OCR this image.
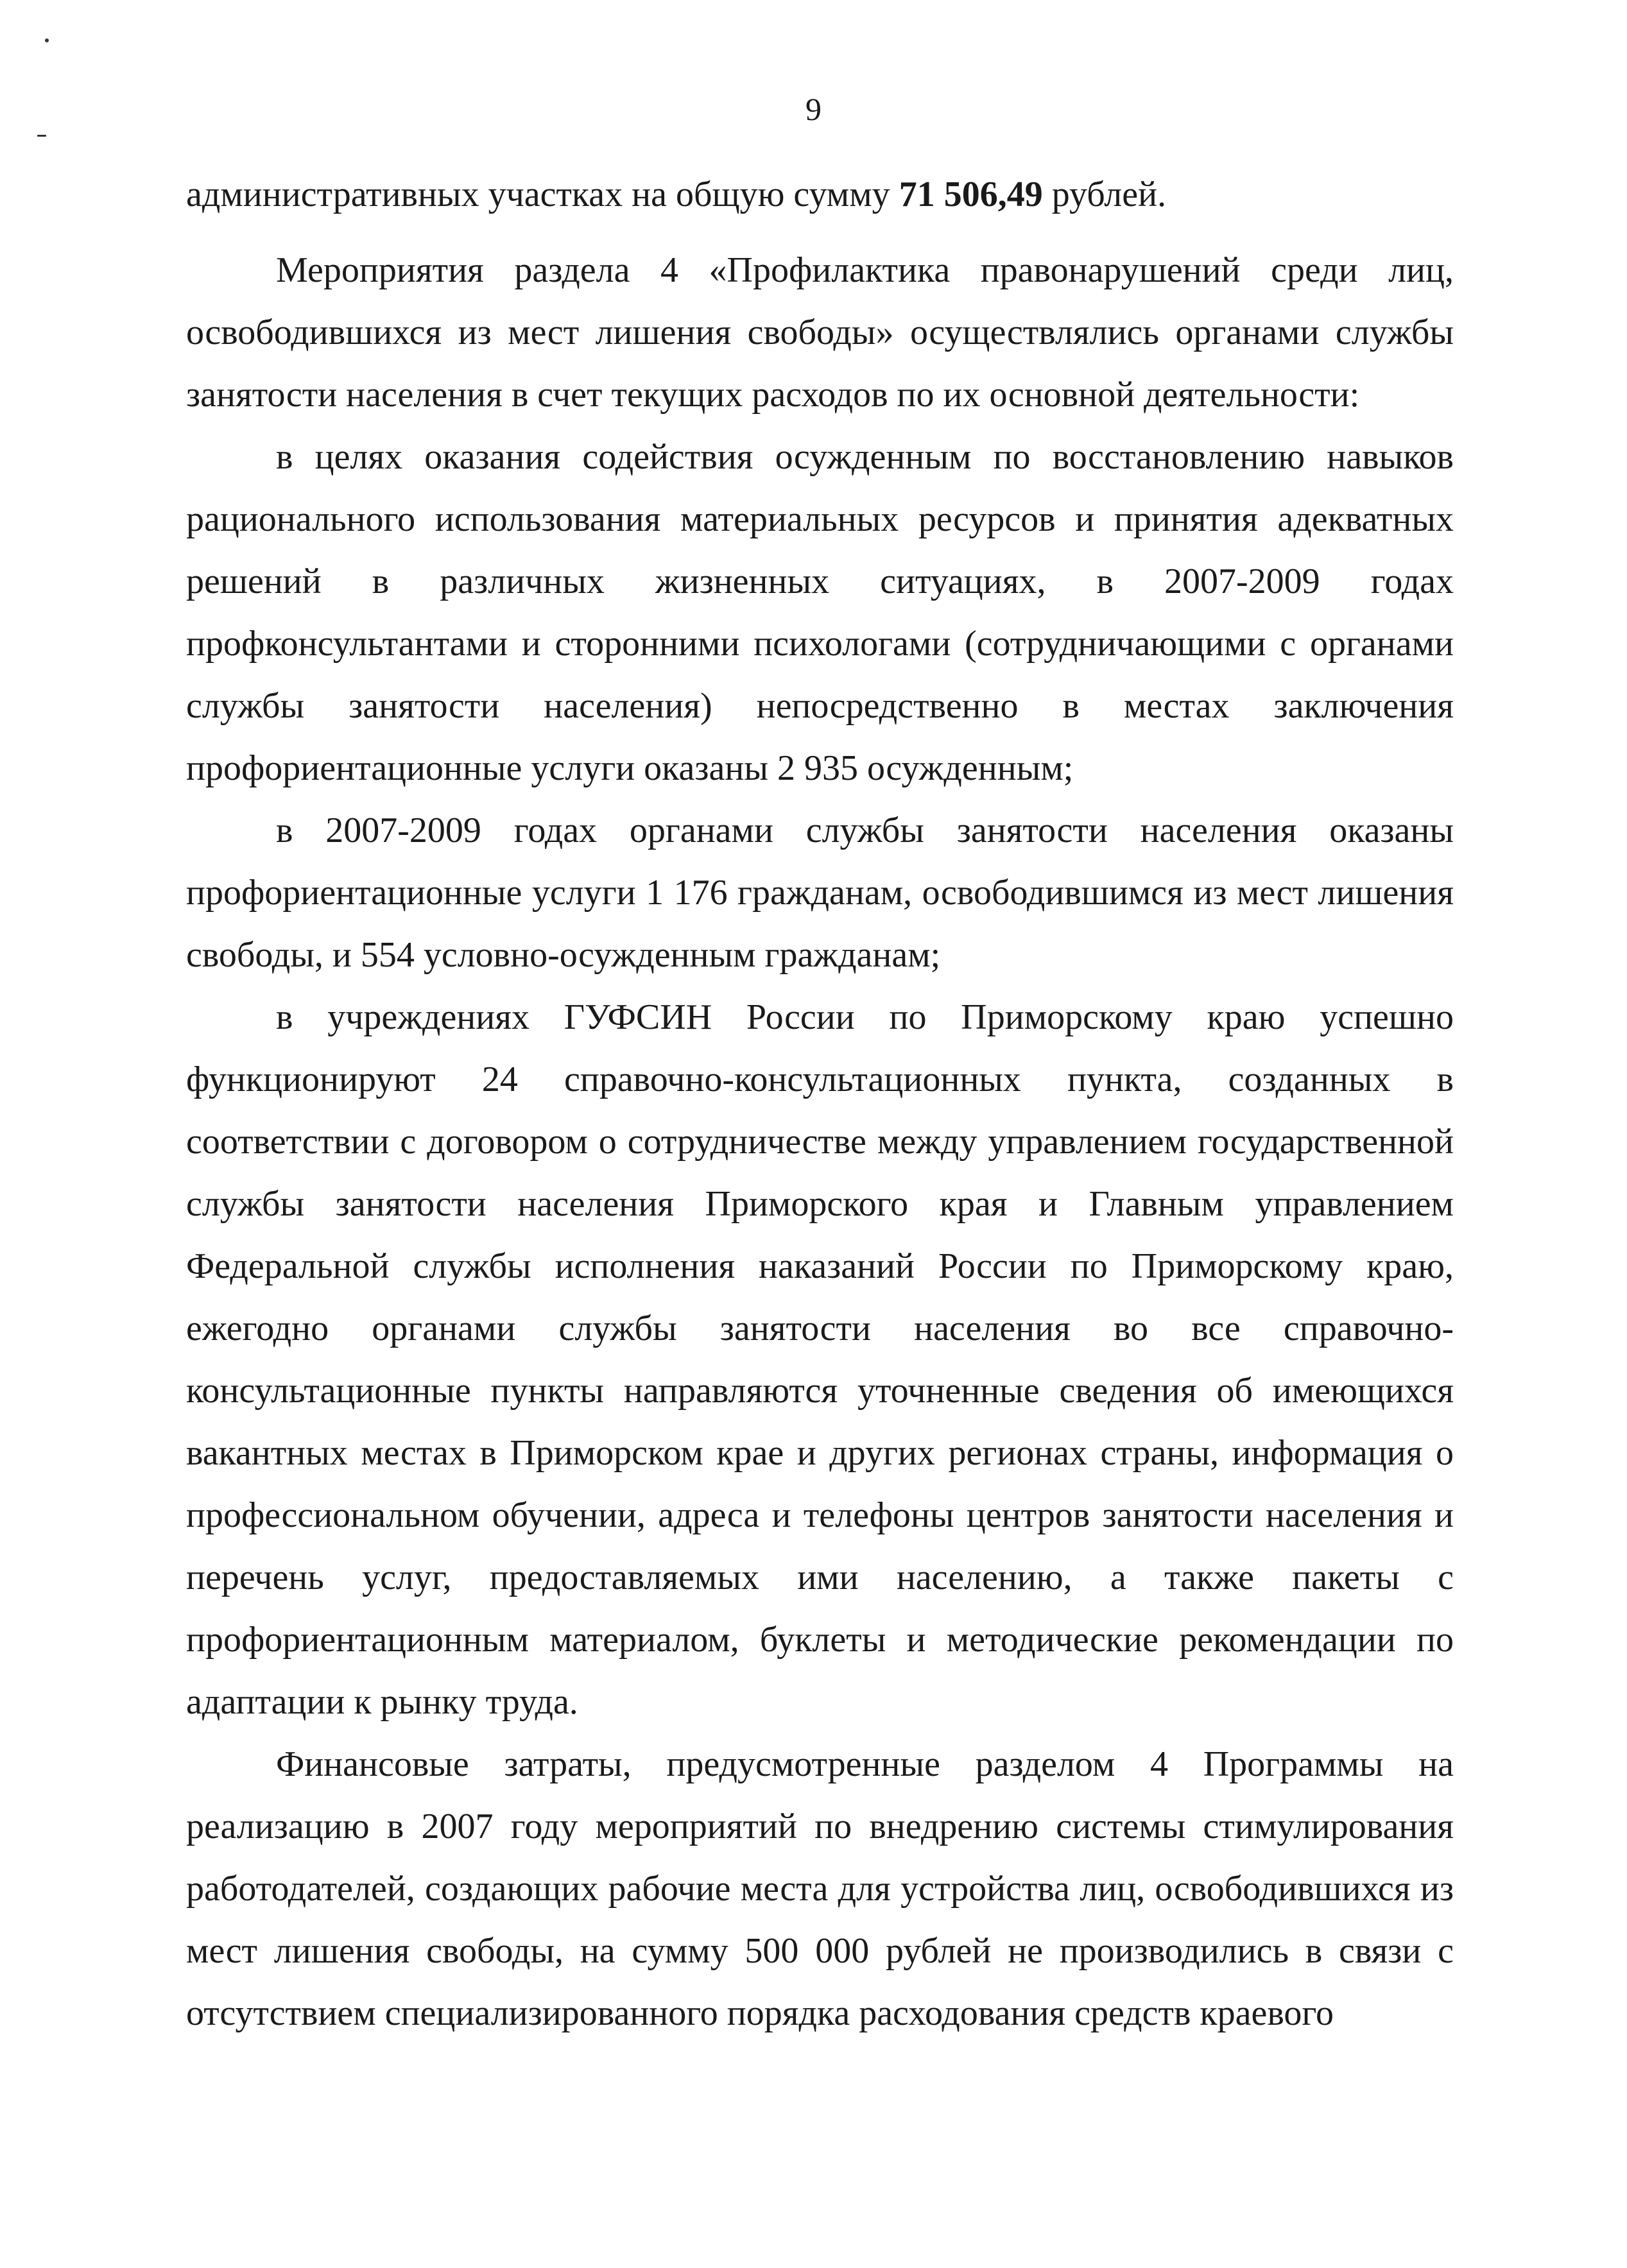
9

административных участках на общую сумму 71 506,49 рублей.

Мероприятия раздела 4 «Профилактика правонарушений среди лиц, освободившихся из мест лишения свободы» осуществлялись органами службы занятости населения в счет текущих расходов по их основной деятельности:

в целях оказания содействия осужденным по восстановлению навыков рационального использования материальных ресурсов и принятия адекватных решений в различных жизненных ситуациях, в 2007-2009 годах профконсультантами и сторонними психологами (сотрудничающими с органами службы занятости населения) непосредственно в местах заключения профориентационные услуги оказаны 2 935 осужденным;

в 2007-2009 годах органами службы занятости населения оказаны профориентационные услуги 1 176 гражданам, освободившимся из мест лишения свободы, и 554 условно-осужденным гражданам;

в учреждениях ГУФСИН России по Приморскому краю успешно функционируют 24 справочно-консультационных пункта, созданных в соответствии с договором о сотрудничестве между управлением государственной службы занятости населения Приморского края и Главным управлением Федеральной службы исполнения наказаний России по Приморскому краю, ежегодно органами службы занятости населения во все справочно-консультационные пункты направляются уточненные сведения об имеющихся вакантных местах в Приморском крае и других регионах страны, информация о профессиональном обучении, адреса и телефоны центров занятости населения и перечень услуг, предоставляемых ими населению, а также пакеты с профориентационным материалом, буклеты и методические рекомендации по адаптации к рынку труда.

Финансовые затраты, предусмотренные разделом 4 Программы на реализацию в 2007 году мероприятий по внедрению системы стимулирования работодателей, создающих рабочие места для устройства лиц, освободившихся из мест лишения свободы, на сумму 500 000 рублей не производились в связи с отсутствием специализированного порядка расходования средств краевого
